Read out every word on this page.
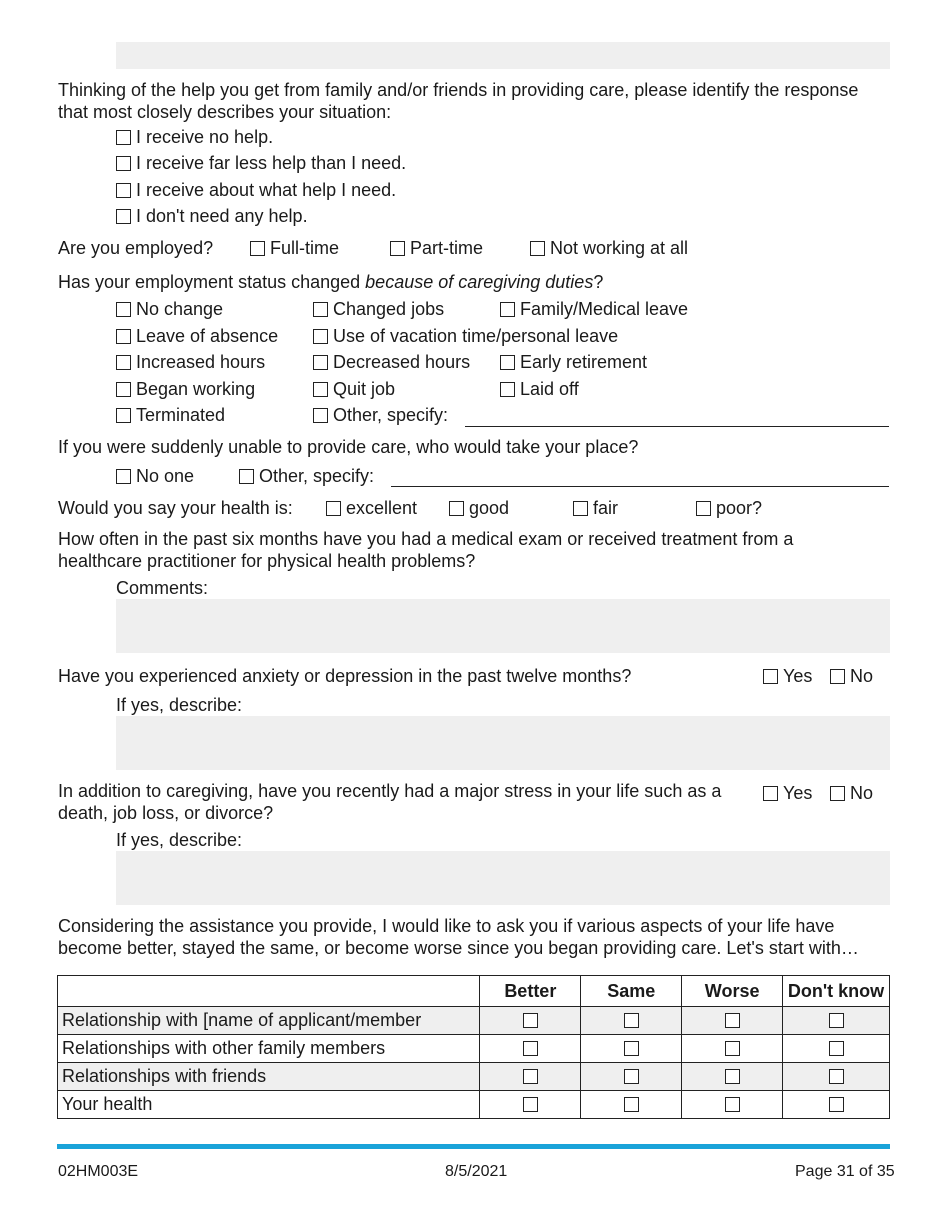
Thinking of the help you get from family and/or friends in providing care, please identify the response
that most closely describes your situation:
I receive no help.
I receive far less help than I need.
I receive about what help I need.
I don't need any help.
Are you employed?	Full-time	Part-time	Not working at all
Has your employment status changed because of caregiving duties?
No change	Changed jobs	Family/Medical leave
Leave of absence	Use of vacation time/personal leave
Increased hours	Decreased hours	Early retirement
Began working	Quit job	Laid off
Terminated	Other, specify:
If you were suddenly unable to provide care, who would take your place?
No one	Other, specify:
Would you say your health is:	excellent	good	fair	poor?
How often in the past six months have you had a medical exam or received treatment from a
healthcare practitioner for physical health problems?
Comments:
Have you experienced anxiety or depression in the past twelve months?	Yes	No
If yes, describe:
In addition to caregiving, have you recently had a major stress in your life such as a
death, job loss, or divorce?
Yes	No
If yes, describe:
Considering the assistance you provide, I would like to ask you if various aspects of your life have
become better, stayed the same, or become worse since you began providing care. Let's start with…
	Better	Same	Worse	Don't know
Relationship with [name of applicant/member				
Relationships with other family members				
Relationships with friends				
Your health				
02HM003E	8/5/2021	Page 31 of 35
